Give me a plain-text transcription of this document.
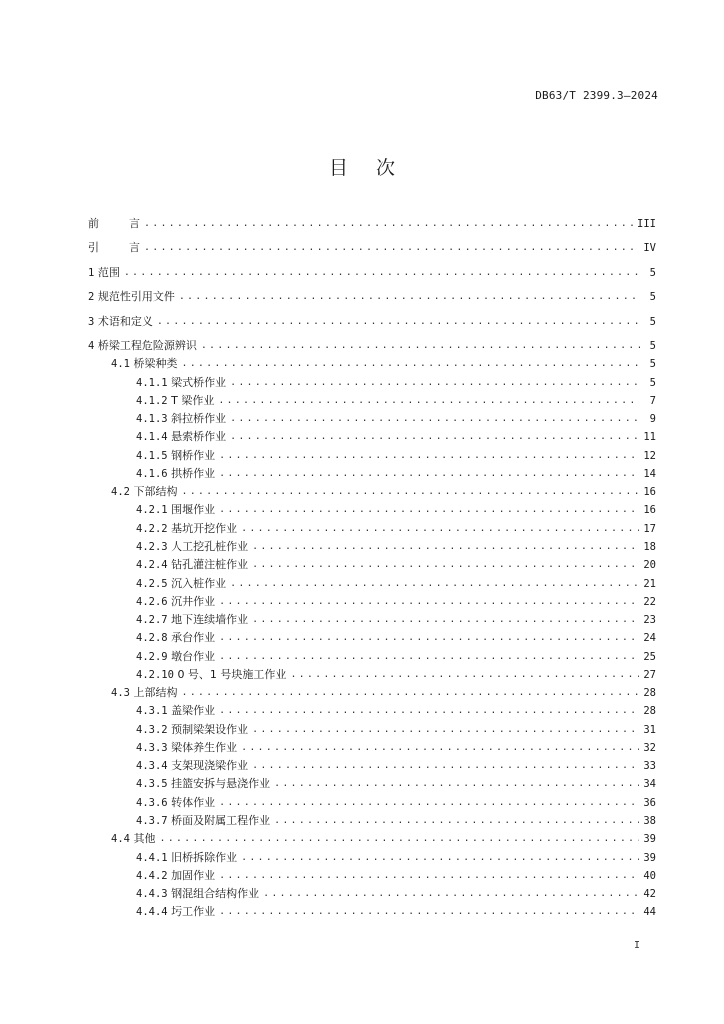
DB63/T 2399.3—2024
目次
前	言 .....	III
引	言 .....	IV
1 范围 .....	5
2 规范性引用文件 .....	5
3 术语和定义 .....	5
4 桥梁工程危险源辨识 .....	5
4.1 桥梁种类 .....	5
4.1.1 梁式桥作业 .....	5
4.1.2 T 梁作业 .....	7
4.1.3 斜拉桥作业 .....	9
4.1.4 悬索桥作业 .....	11
4.1.5 钢桥作业 .....	12
4.1.6 拱桥作业 .....	14
4.2 下部结构 .....	16
4.2.1 围堰作业 .....	16
4.2.2 基坑开挖作业 .....	17
4.2.3 人工挖孔桩作业 .....	18
4.2.4 钻孔灌注桩作业 .....	20
4.2.5 沉入桩作业 .....	21
4.2.6 沉井作业 .....	22
4.2.7 地下连续墙作业 .....	23
4.2.8 承台作业 .....	24
4.2.9 墩台作业 .....	25
4.2.10 0 号、1 号块施工作业 .....	27
4.3 上部结构 .....	28
4.3.1 盖梁作业 .....	28
4.3.2 预制梁架设作业 .....	31
4.3.3 梁体养生作业 .....	32
4.3.4 支架现浇梁作业 .....	33
4.3.5 挂篮安拆与悬浇作业 .....	34
4.3.6 转体作业 .....	36
4.3.7 桥面及附属工程作业 .....	38
4.4 其他 .....	39
4.4.1 旧桥拆除作业 .....	39
4.4.2 加固作业 .....	40
4.4.3 钢混组合结构作业 .....	42
4.4.4 圬工作业 .....	44
I
